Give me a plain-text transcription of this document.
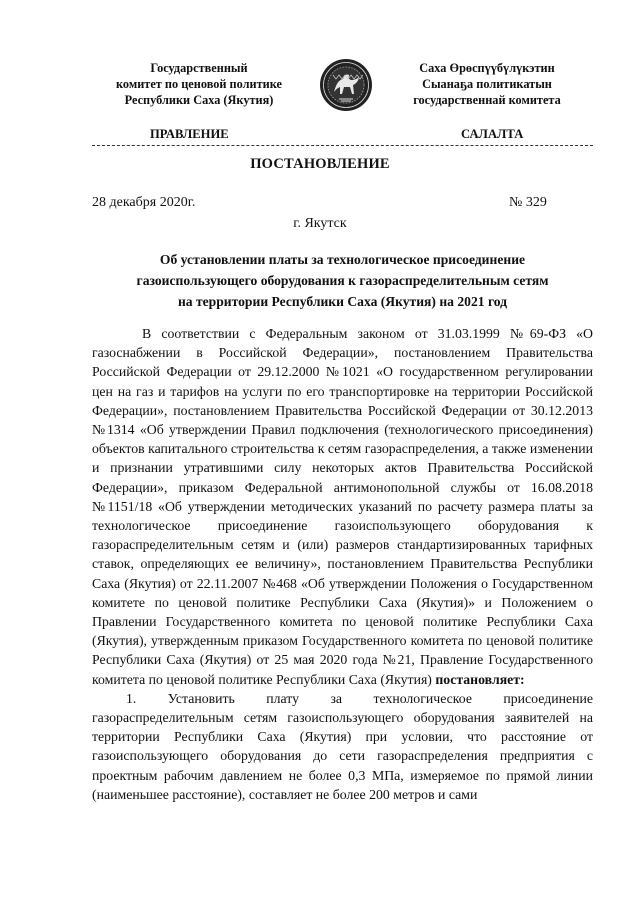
Государственный
комитет по ценовой политике
Республики Саха (Якутия)
Саха Өрөспүүбүлүкэтин
Сыанаҕа политикатын
государственнай комитета
ПРАВЛЕНИЕ	САЛАЛТА
ПОСТАНОВЛЕНИЕ
28 декабря 2020г.	№ 329
г. Якутск
Об установлении платы за технологическое присоединение
газоиспользующего оборудования к газораспределительным сетям
на территории Республики Саха (Якутия) на 2021 год

В соответствии с Федеральным законом от 31.03.1999 №69-ФЗ «О газоснабжении в Российской Федерации», постановлением Правительства Российской Федерации от 29.12.2000 №1021 «О государственном регулировании цен на газ и тарифов на услуги по его транспортировке на территории Российской Федерации», постановлением Правительства Российской Федерации от 30.12.2013 №1314 «Об утверждении Правил подключения (технологического присоединения) объектов капитального строительства к сетям газораспределения, а также изменении и признании утратившими силу некоторых актов Правительства Российской Федерации», приказом Федеральной антимонопольной службы от 16.08.2018 №1151/18 «Об утверждении методических указаний по расчету размера платы за технологическое присоединение газоиспользующего оборудования к газораспределительным сетям и (или) размеров стандартизированных тарифных ставок, определяющих ее величину», постановлением Правительства Республики Саха (Якутия) от 22.11.2007 №468 «Об утверждении Положения о Государственном комитете по ценовой политике Республики Саха (Якутия)» и Положением о Правлении Государственного комитета по ценовой политике Республики Саха (Якутия), утвержденным приказом Государственного комитета по ценовой политике Республики Саха (Якутия) от 25 мая 2020 года №21, Правление Государственного комитета по ценовой политике Республики Саха (Якутия) постановляет:

1. Установить плату за технологическое присоединение газораспределительным сетям газоиспользующего оборудования заявителей на территории Республики Саха (Якутия) при условии, что расстояние от газоиспользующего оборудования до сети газораспределения предприятия с проектным рабочим давлением не более 0,3 МПа, измеряемое по прямой линии (наименьшее расстояние), составляет не более 200 метров и сами
